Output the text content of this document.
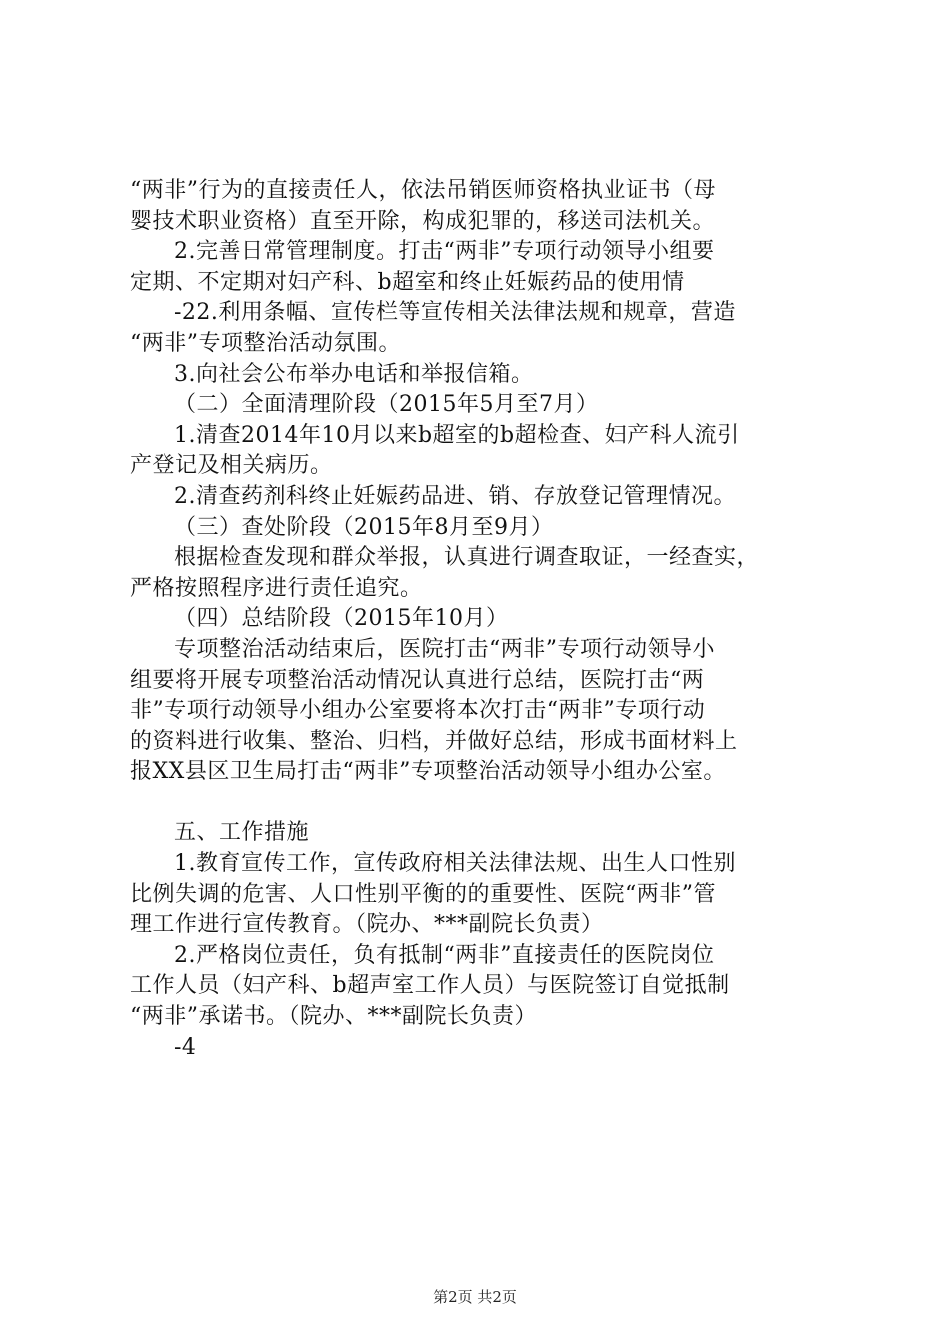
“两非”行为的直接责任人，依法吊销医师资格执业证书（母
婴技术职业资格）直至开除，构成犯罪的，移送司法机关。
2.完善日常管理制度。打击“两非”专项行动领导小组要
定期、不定期对妇产科、b超室和终止妊娠药品的使用情
-22.利用条幅、宣传栏等宣传相关法律法规和规章，营造
“两非”专项整治活动氛围。
3.向社会公布举办电话和举报信箱。
（二）全面清理阶段（2015年5月至7月）
1.清查2014年10月以来b超室的b超检查、妇产科人流引
产登记及相关病历。
2.清查药剂科终止妊娠药品进、销、存放登记管理情况。
（三）查处阶段（2015年8月至9月）
根据检查发现和群众举报，认真进行调查取证，一经查实，
严格按照程序进行责任追究。
（四）总结阶段（2015年10月）
专项整治活动结束后，医院打击“两非”专项行动领导小
组要将开展专项整治活动情况认真进行总结，医院打击“两
非”专项行动领导小组办公室要将本次打击“两非”专项行动
的资料进行收集、整治、归档，并做好总结，形成书面材料上
报XX县区卫生局打击“两非”专项整治活动领导小组办公室。
五、工作措施
1.教育宣传工作，宣传政府相关法律法规、出生人口性别
比例失调的危害、人口性别平衡的的重要性、医院“两非”管
理工作进行宣传教育。（院办、***副院长负责）
2.严格岗位责任，负有抵制“两非”直接责任的医院岗位
工作人员（妇产科、b超声室工作人员）与医院签订自觉抵制
“两非”承诺书。（院办、***副院长负责）
-4
第2页 共2页
